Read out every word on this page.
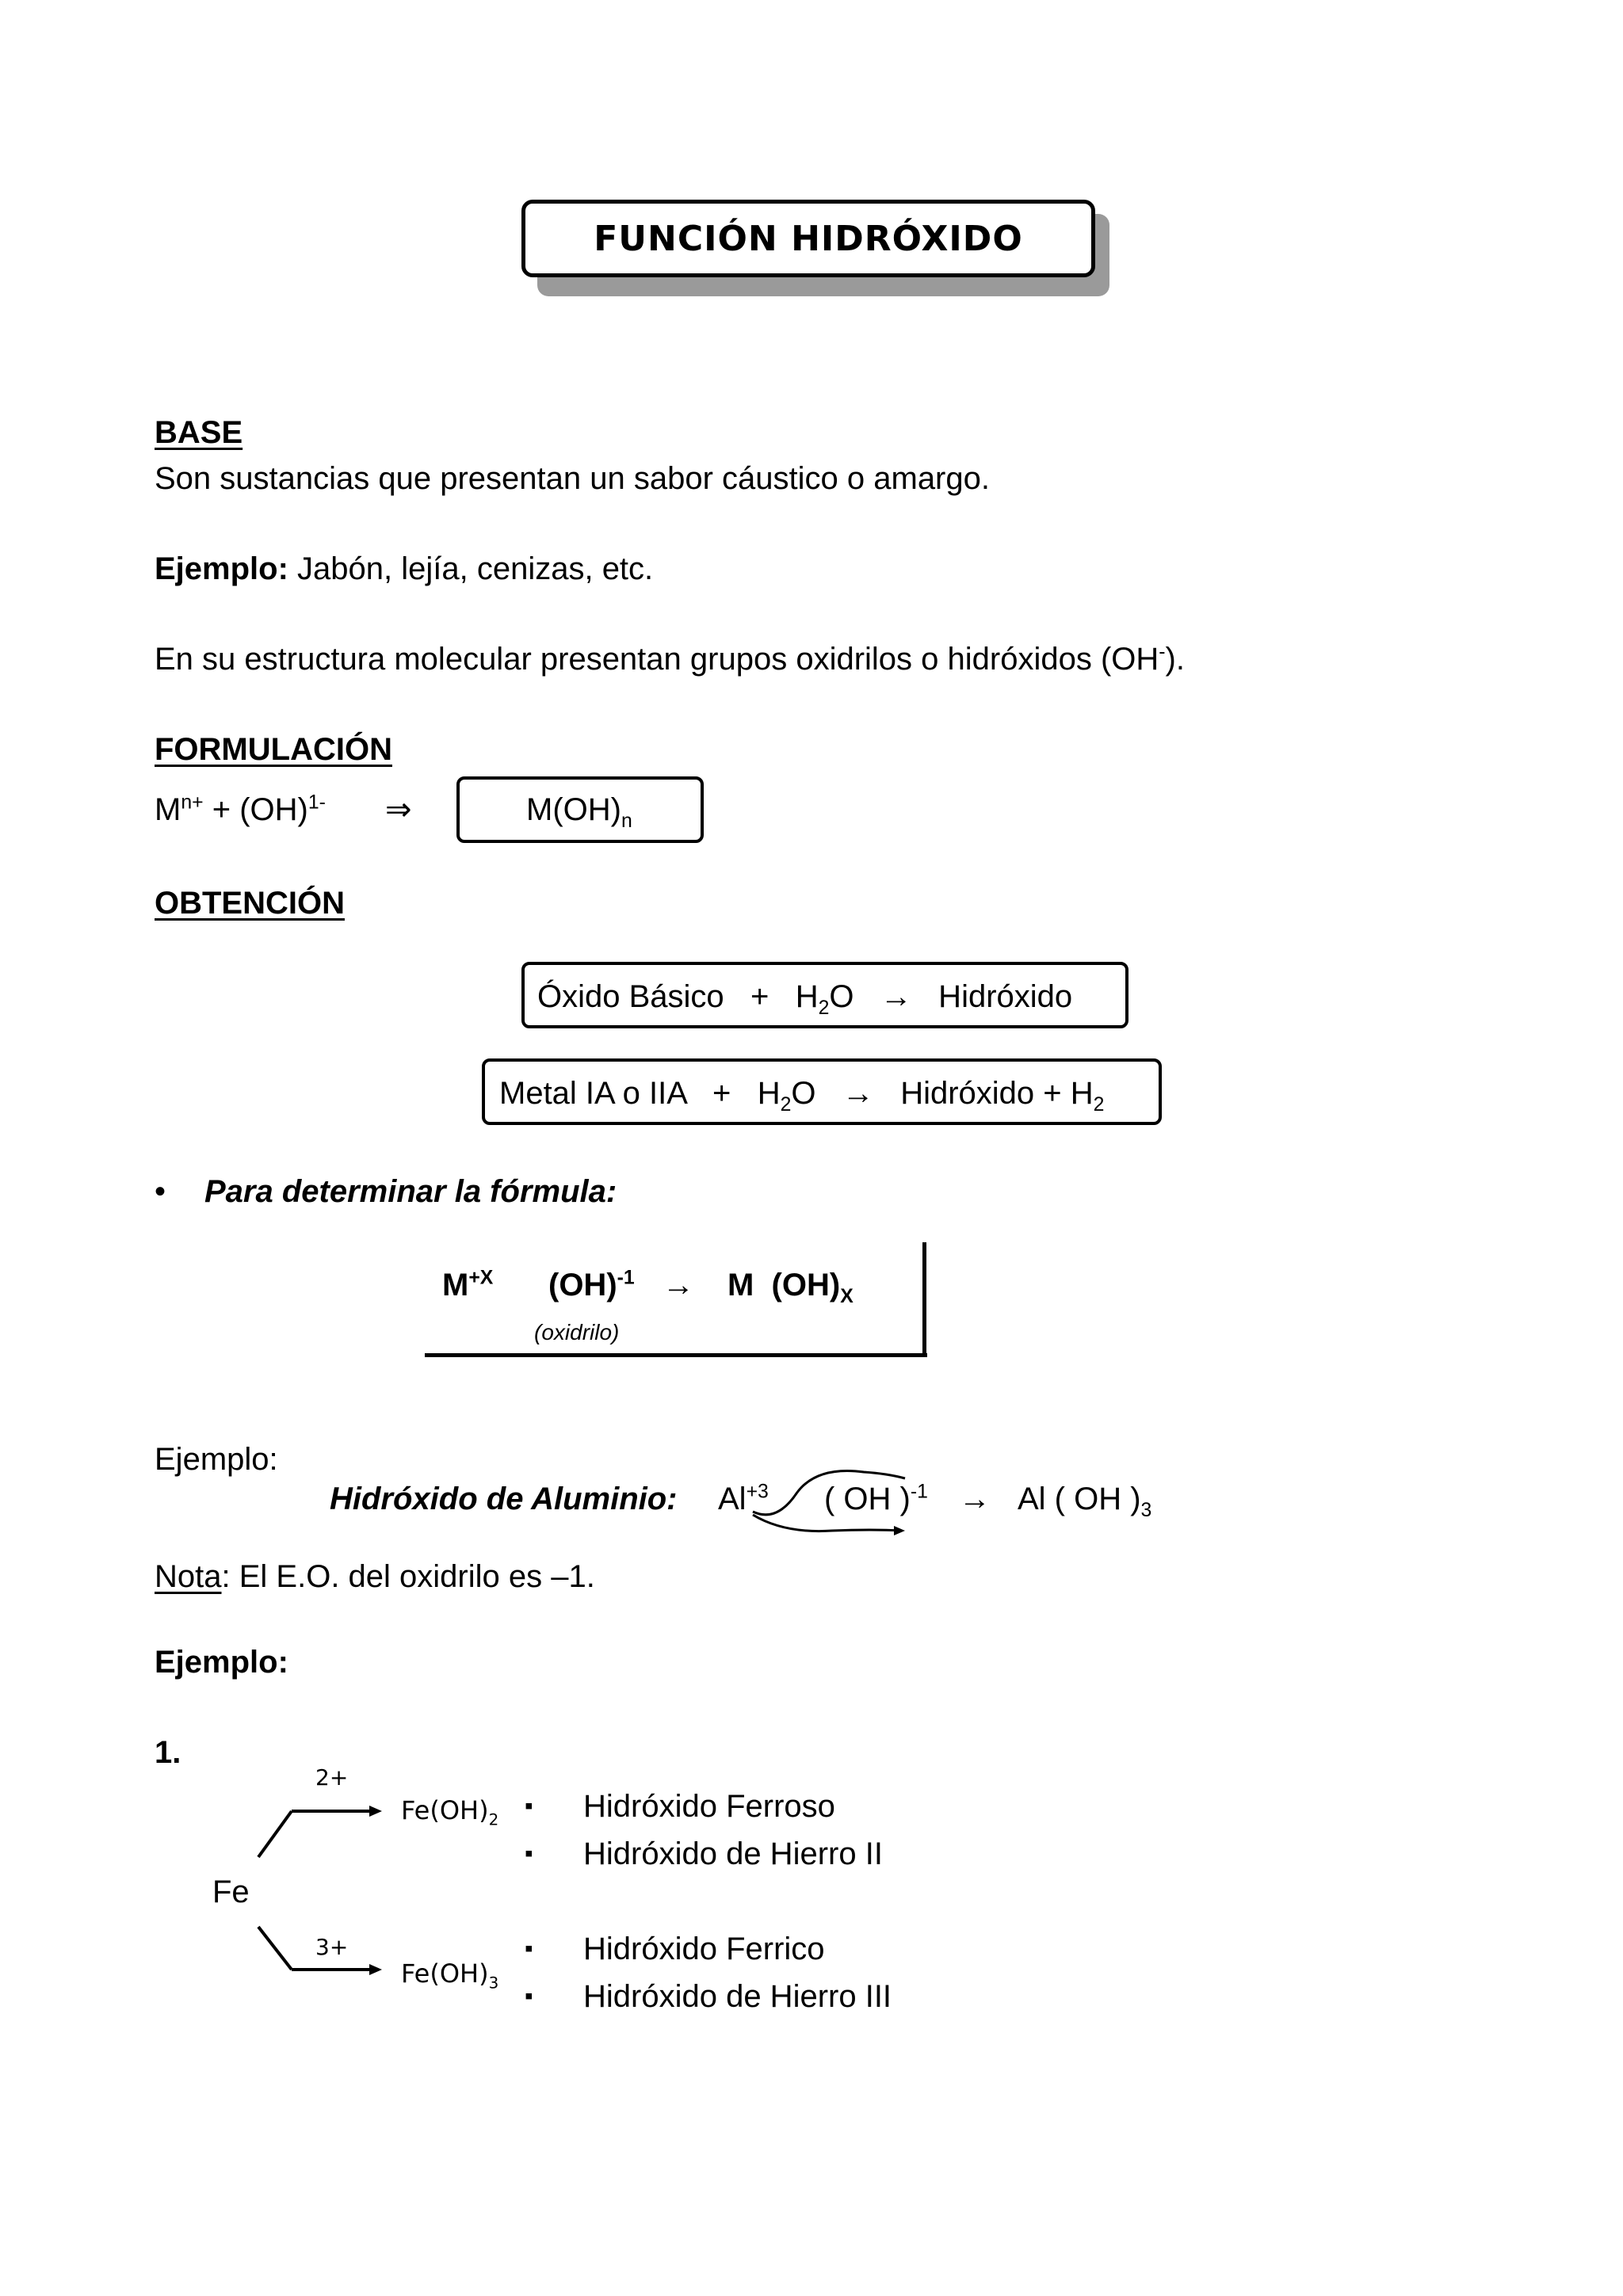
FUNCIÓN HIDRÓXIDO
BASE
Son sustancias que presentan un sabor cáustico o amargo.
Ejemplo: Jabón, lejía, cenizas, etc.
En su estructura molecular presentan grupos oxidrilos o hidróxidos (OH-).
FORMULACIÓN
$M^{n+} + (OH)^{1-}$ ⇒	$M(OH)_n$
OBTENCIÓN
Óxido Básico   +   $H_2O$   →   Hidróxido
Metal IA o IIA   +   $H_2O$   →   Hidróxido + $H_2$
• Para determinar la fórmula:
$M^{+X}$ (OH)$^{-1}$ → M  $(OH)_X$
(oxidrilo)
Ejemplo:
Hidróxido de Aluminio: $Al^{+3}$ ( OH )$^{-1}$ → Al ( OH )$_3$
Nota: El E.O. del oxidrilo es –1.
Ejemplo:
1.
Fe
2+
3+
$Fe(OH)_2$
$Fe(OH)_3$
▪ Hidróxido Ferroso
▪ Hidróxido de Hierro II
▪ Hidróxido Ferrico
▪ Hidróxido de Hierro III
